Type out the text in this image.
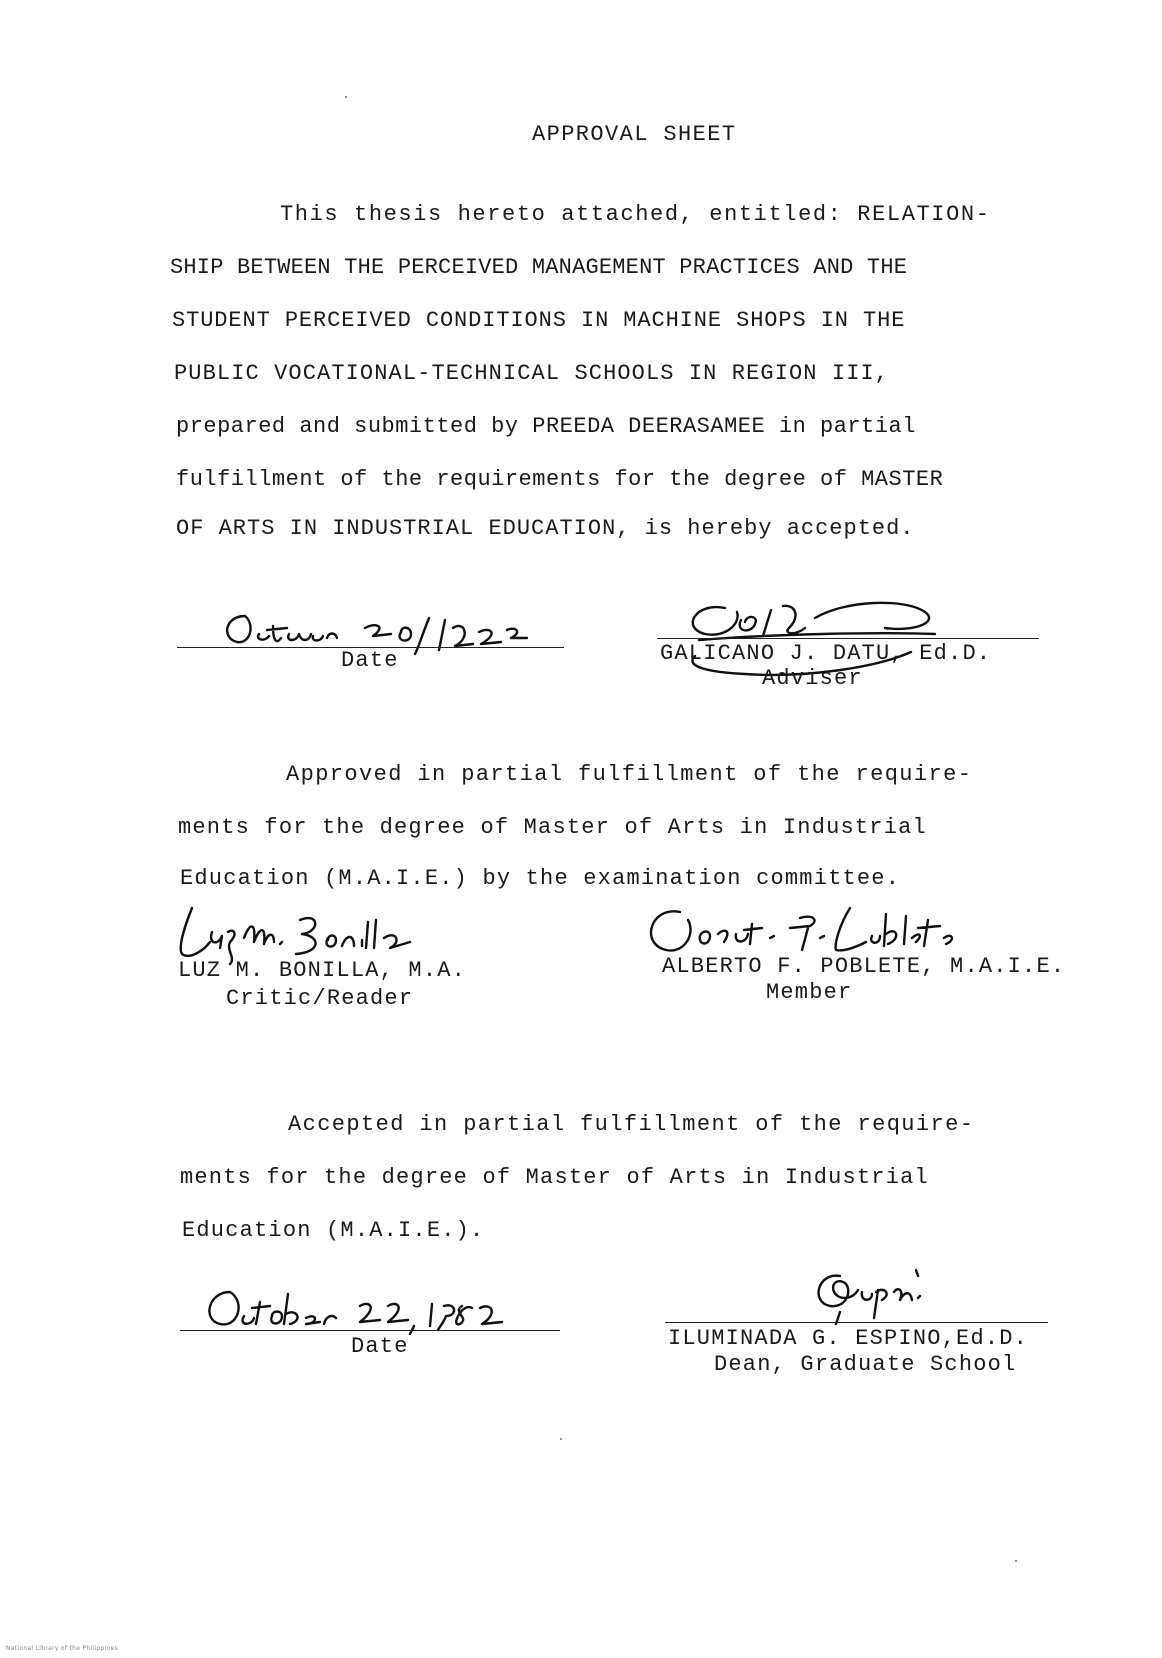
APPROVAL SHEET
This thesis hereto attached, entitled: RELATION-
SHIP BETWEEN THE PERCEIVED MANAGEMENT PRACTICES AND THE
STUDENT PERCEIVED CONDITIONS IN MACHINE SHOPS IN THE
PUBLIC VOCATIONAL-TECHNICAL SCHOOLS IN REGION III,
prepared and submitted by PREEDA DEERASAMEE in partial
fulfillment of the requirements for the degree of MASTER
OF ARTS IN INDUSTRIAL EDUCATION, is hereby accepted.
Date	GALICANO J. DATU, Ed.D.
Adviser
Approved in partial fulfillment of the require-
ments for the degree of Master of Arts in Industrial
Education (M.A.I.E.) by the examination committee.
LUZ M. BONILLA, M.A.
Critic/Reader
ALBERTO F. POBLETE, M.A.I.E.
Member
Accepted in partial fulfillment of the require-
ments for the degree of Master of Arts in Industrial
Education (M.A.I.E.).
Date	ILUMINADA G. ESPINO,Ed.D.
Dean, Graduate School
National Library of the Philippines
